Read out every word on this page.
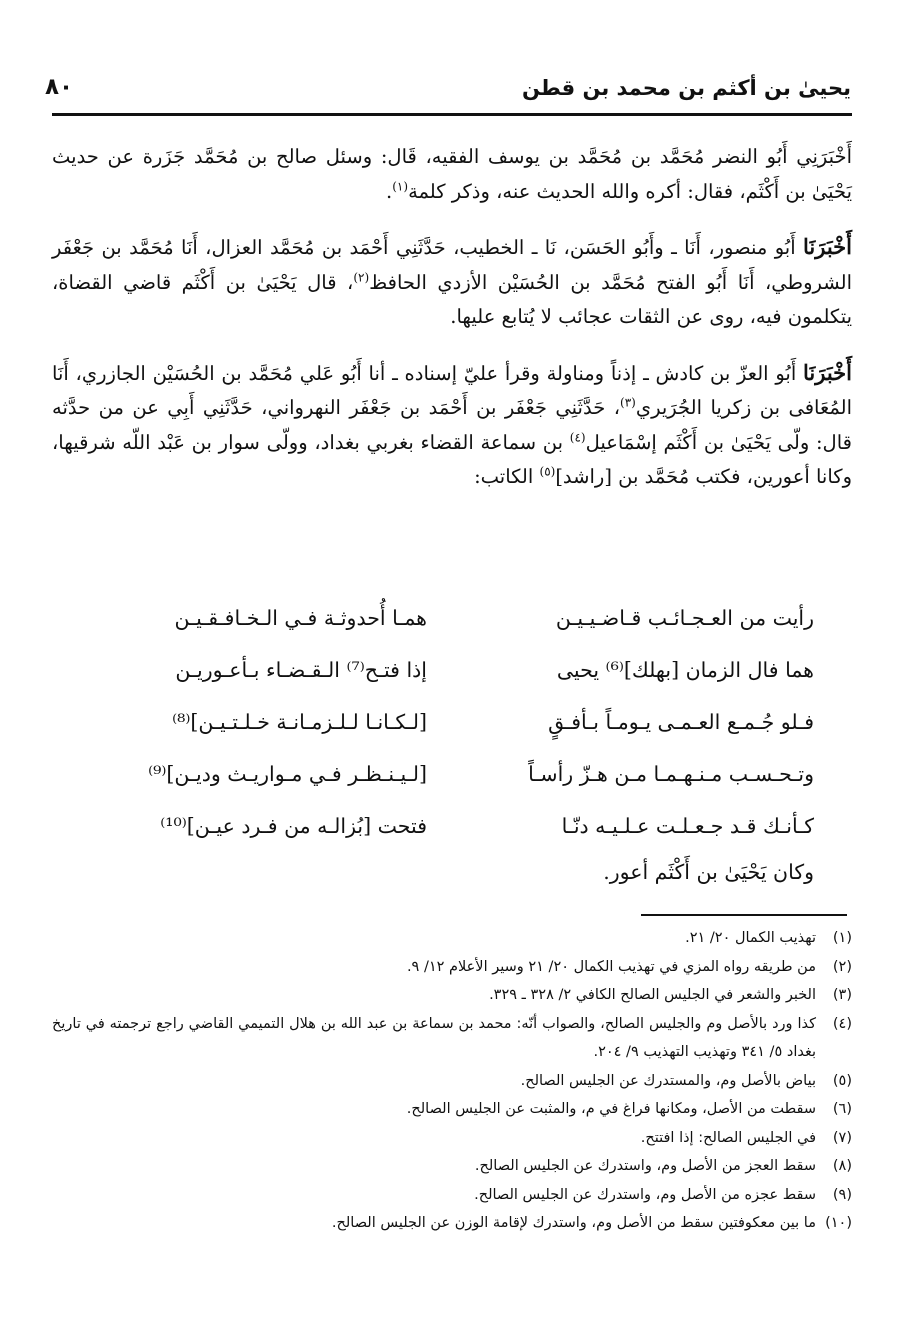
يحيىٰ بن أكثم بن محمد بن قطن
٨٠

أَخْبَرَنِي أَبُو النضر مُحَمَّد بن مُحَمَّد بن يوسف الفقيه، قَال: وسئل صالح بن مُحَمَّد جَزَرة عن حديث يَحْيَىٰ بن أَكْثَم، فقال: أكره والله الحديث عنه، وذكر كلمة$^{(١)}$.

أَخْبَرَنَا أَبُو منصور، أَنَا ـ وأَبُو الحَسَن، نَا ـ الخطيب، حَدَّثَنِي أَحْمَد بن مُحَمَّد العزال، أَنَا مُحَمَّد بن جَعْفَر الشروطي، أَنَا أَبُو الفتح مُحَمَّد بن الحُسَيْن الأزدي الحافظ$^{(٢)}$، قال يَحْيَىٰ بن أَكْثَم قاضي القضاة، يتكلمون فيه، روى عن الثقات عجائب لا يُتابع عليها.

أَخْبَرَنَا أَبُو العزّ بن كادش ـ إذناً ومناولة وقرأ عليّ إسناده ـ أنا أَبُو عَلي مُحَمَّد بن الحُسَيْن الجازري، أَنَا المُعَافى بن زكريا الجُرَيري$^{(٣)}$، حَدَّثَنِي جَعْفَر بن أَحْمَد بن جَعْفَر النهرواني، حَدَّثَنِي أَبِي عن من حدَّثه قال: ولّى يَحْيَىٰ بن أَكْثَم إسْمَاعيل$^{(٤)}$ بن سماعة القضاء بغربي بغداد، وولّى سوار بن عَبْد اللّه شرقيها، وكانا أعورين، فكتب مُحَمَّد بن [راشد]$^{(٥)}$ الكاتب:

رأيت من العـجـائـب قـاضـيـيـن
همـا أُحدوثـة فـي الـخـافـقـيـن
هما فال الزمان [بهلك]⁽⁶⁾ يحيى
إذا فتـح⁽⁷⁾ الـقـضـاء بـأعـوريـن
فـلو جُـمـع العـمـى يـومـاً بـأفـقٍ
[لـكـانـا لـلـزمـانـة خـلـتـيـن]⁽⁸⁾
وتـحـسـب مـنـهـمـا مـن هـزّ رأسـاً
[لـيـنـظـر فـي مـواريـث وديـن]⁽⁹⁾
كـأنـك قـد جـعـلـت عـلـيـه دنّـا
فتحت [بُزالـه من فـرد عيـن]⁽¹⁰⁾
وكان يَحْيَىٰ بن أَكْثَم أعور.
(١)
تهذيب الكمال ٢٠/ ٢١.
(٢)
من طريقه رواه المزي في تهذيب الكمال ٢٠/ ٢١ وسير الأعلام ١٢/ ٩.
(٣)
الخبر والشعر في الجليس الصالح الكافي ٢/ ٣٢٨ ـ ٣٢٩.
(٤)
كذا ورد بالأصل وم والجليس الصالح، والصواب أنّه: محمد بن سماعة بن عبد الله بن هلال التميمي القاضي راجع ترجمته في تاريخ بغداد ٥/ ٣٤١ وتهذيب التهذيب ٩/ ٢٠٤.
(٥)
بياض بالأصل وم، والمستدرك عن الجليس الصالح.
(٦)
سقطت من الأصل، ومكانها فراغ في م، والمثبت عن الجليس الصالح.
(٧)
في الجليس الصالح: إذا افتتح.
(٨)
سقط العجز من الأصل وم، واستدرك عن الجليس الصالح.
(٩)
سقط عجزه من الأصل وم، واستدرك عن الجليس الصالح.
(١٠)
ما بين معكوفتين سقط من الأصل وم، واستدرك لإقامة الوزن عن الجليس الصالح.
